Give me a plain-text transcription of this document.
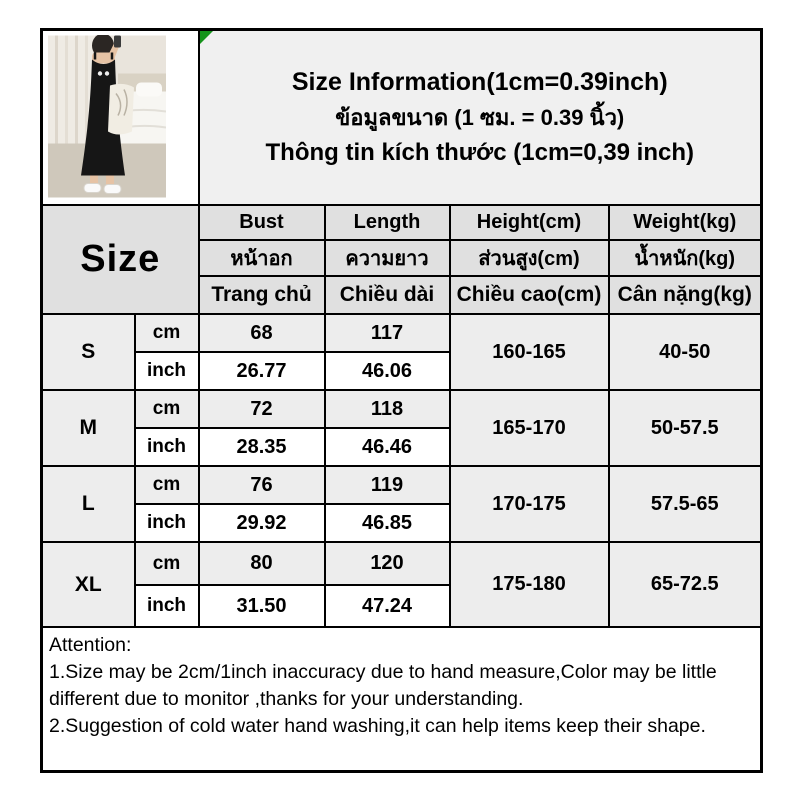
Size Information(1cm=0.39inch)
ข้อมูลขนาด (1 ซม. = 0.39 นิ้ว)
Thông tin kích thước (1cm=0,39 inch)			

Size		Bust	Length	Height(cm)	Weight(kg)
		หน้าอก	ความยาว	ส่วนสูง(cm)	น้ำหนัก(kg)
		Trang chủ	Chiều dài	Chiều cao(cm)	Cân nặng(kg)
S	cm	68	117	160-165	40-50
	inch	26.77	46.06		
M	cm	72	118	165-170	50-57.5
	inch	28.35	46.46		
L	cm	76	119	170-175	57.5-65
	inch	29.92	46.85		
XL	cm	80	120	175-180	65-72.5
	inch	31.50	47.24		

Attention:
1.Size may be 2cm/1inch inaccuracy due to hand measure,Color may be little different due to monitor ,thanks for your understanding.
2.Suggestion of cold water hand washing,it can help items keep their shape.					
